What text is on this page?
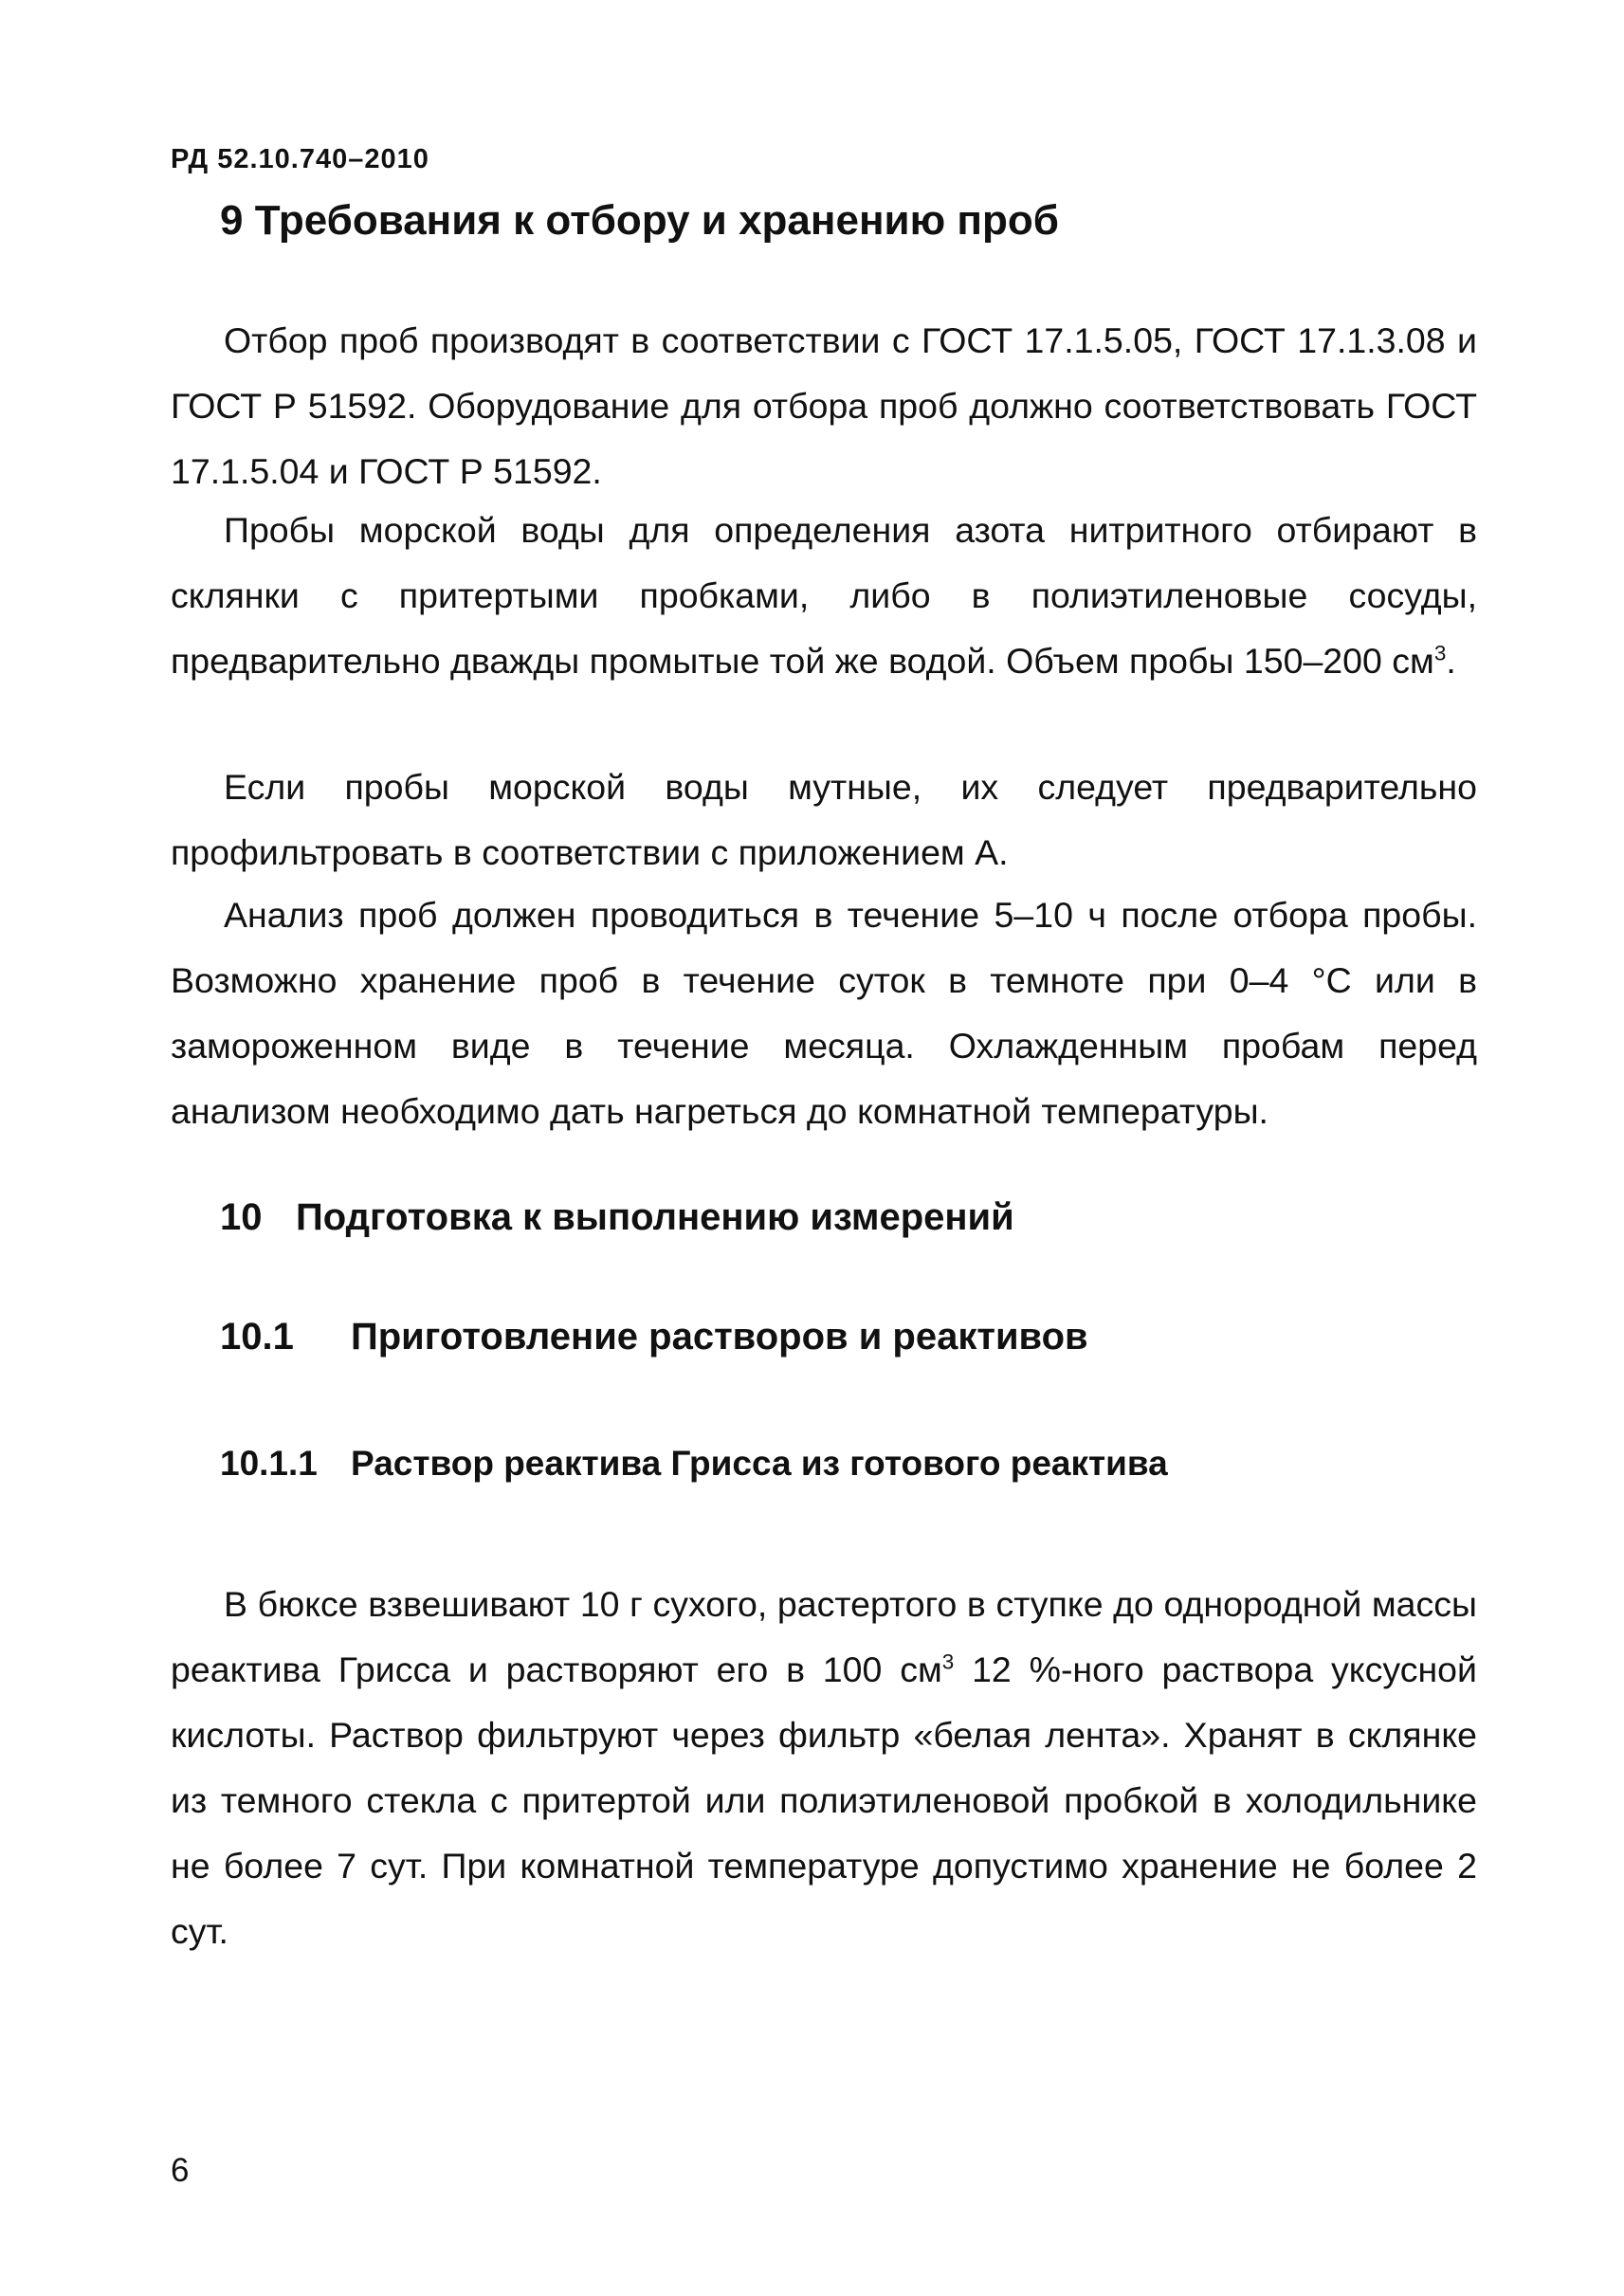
РД 52.10.740–2010
9 Требования к отбору и хранению проб

Отбор проб производят в соответствии с ГОСТ 17.1.5.05, ГОСТ 17.1.3.08 и ГОСТ Р 51592. Оборудование для отбора проб должно соответствовать ГОСТ 17.1.5.04 и ГОСТ Р 51592.

Пробы морской воды для определения азота нитритного отбирают в склянки с притертыми пробками, либо в полиэтиленовые сосуды, предварительно дважды промытые той же водой. Объем пробы 150–200 $см^3$.

Если пробы морской воды мутные, их следует предварительно профильтровать в соответствии с приложением А.

Анализ проб должен проводиться в течение 5–10 ч после отбора пробы. Возможно хранение проб в течение суток в темноте при 0–4 °С или в замороженном виде в течение месяца. Охлажденным пробам перед анализом необходимо дать нагреться до комнатной температуры.

10 Подготовка к выполнению измерений
10.1 Приготовление растворов и реактивов
10.1.1 Раствор реактива Грисса из готового реактива

В бюксе взвешивают 10 г сухого, растертого в ступке до однородной массы реактива Грисса и растворяют его в 100 $см^3$ 12 %-ного раствора уксусной кислоты. Раствор фильтруют через фильтр «белая лента». Хранят в склянке из темного стекла с притертой или полиэтиленовой пробкой в холодильнике не более 7 сут. При комнатной температуре допустимо хранение не более 2 сут.

6
